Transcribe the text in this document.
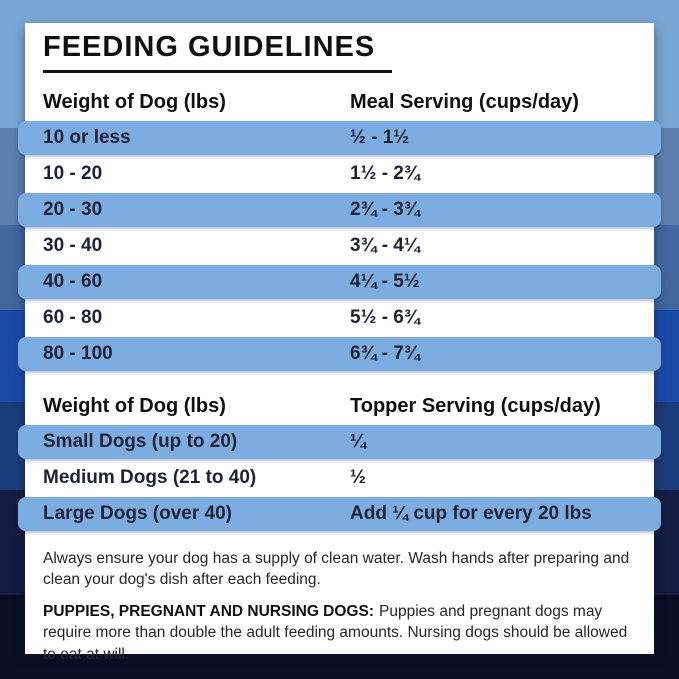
FEEDING GUIDELINES
Weight of Dog (lbs)	Meal Serving (cups/day)
10 or less	½ - 1½
10 - 20	1½ - 2¾
20 - 30	2¾ - 3¾
30 - 40	3¾ - 4¼
40 - 60	4¼ - 5½
60 - 80	5½ - 6¾
80 - 100	6¾ - 7¾
Weight of Dog (lbs)	Topper Serving (cups/day)
Small Dogs (up to 20)	¼
Medium Dogs (21 to 40)	½
Large Dogs (over 40)	Add ¼ cup for every 20 lbs
Always ensure your dog has a supply of clean water. Wash hands after preparing and clean your dog's dish after each feeding.
PUPPIES, PREGNANT AND NURSING DOGS: Puppies and pregnant dogs may require more than double the adult feeding amounts. Nursing dogs should be allowed to eat at will.
